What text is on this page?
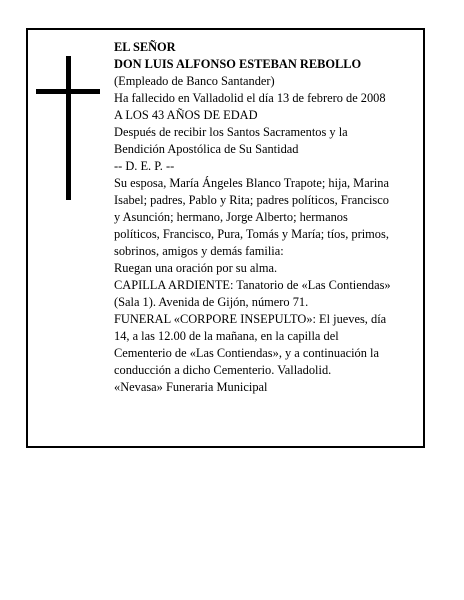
EL SEÑOR
DON LUIS ALFONSO ESTEBAN REBOLLO
(Empleado de Banco Santander)
Ha fallecido en Valladolid el día 13 de febrero de 2008
A LOS 43 AÑOS DE EDAD
Después de recibir los Santos Sacramentos y la
Bendición Apostólica de Su Santidad
-- D. E. P. --
Su esposa, María Ángeles Blanco Trapote; hija, Marina
Isabel; padres, Pablo y Rita; padres políticos, Francisco
y Asunción; hermano, Jorge Alberto; hermanos
políticos, Francisco, Pura, Tomás y María; tíos, primos,
sobrinos, amigos y demás familia:
Ruegan una oración por su alma.
CAPILLA ARDIENTE: Tanatorio de «Las Contiendas»
(Sala 1). Avenida de Gijón, número 71.
FUNERAL «CORPORE INSEPULTO»: El jueves, día
14, a las 12.00 de la mañana, en la capilla del
Cementerio de «Las Contiendas», y a continuación la
conducción a dicho Cementerio. Valladolid.
«Nevasa» Funeraria Municipal
